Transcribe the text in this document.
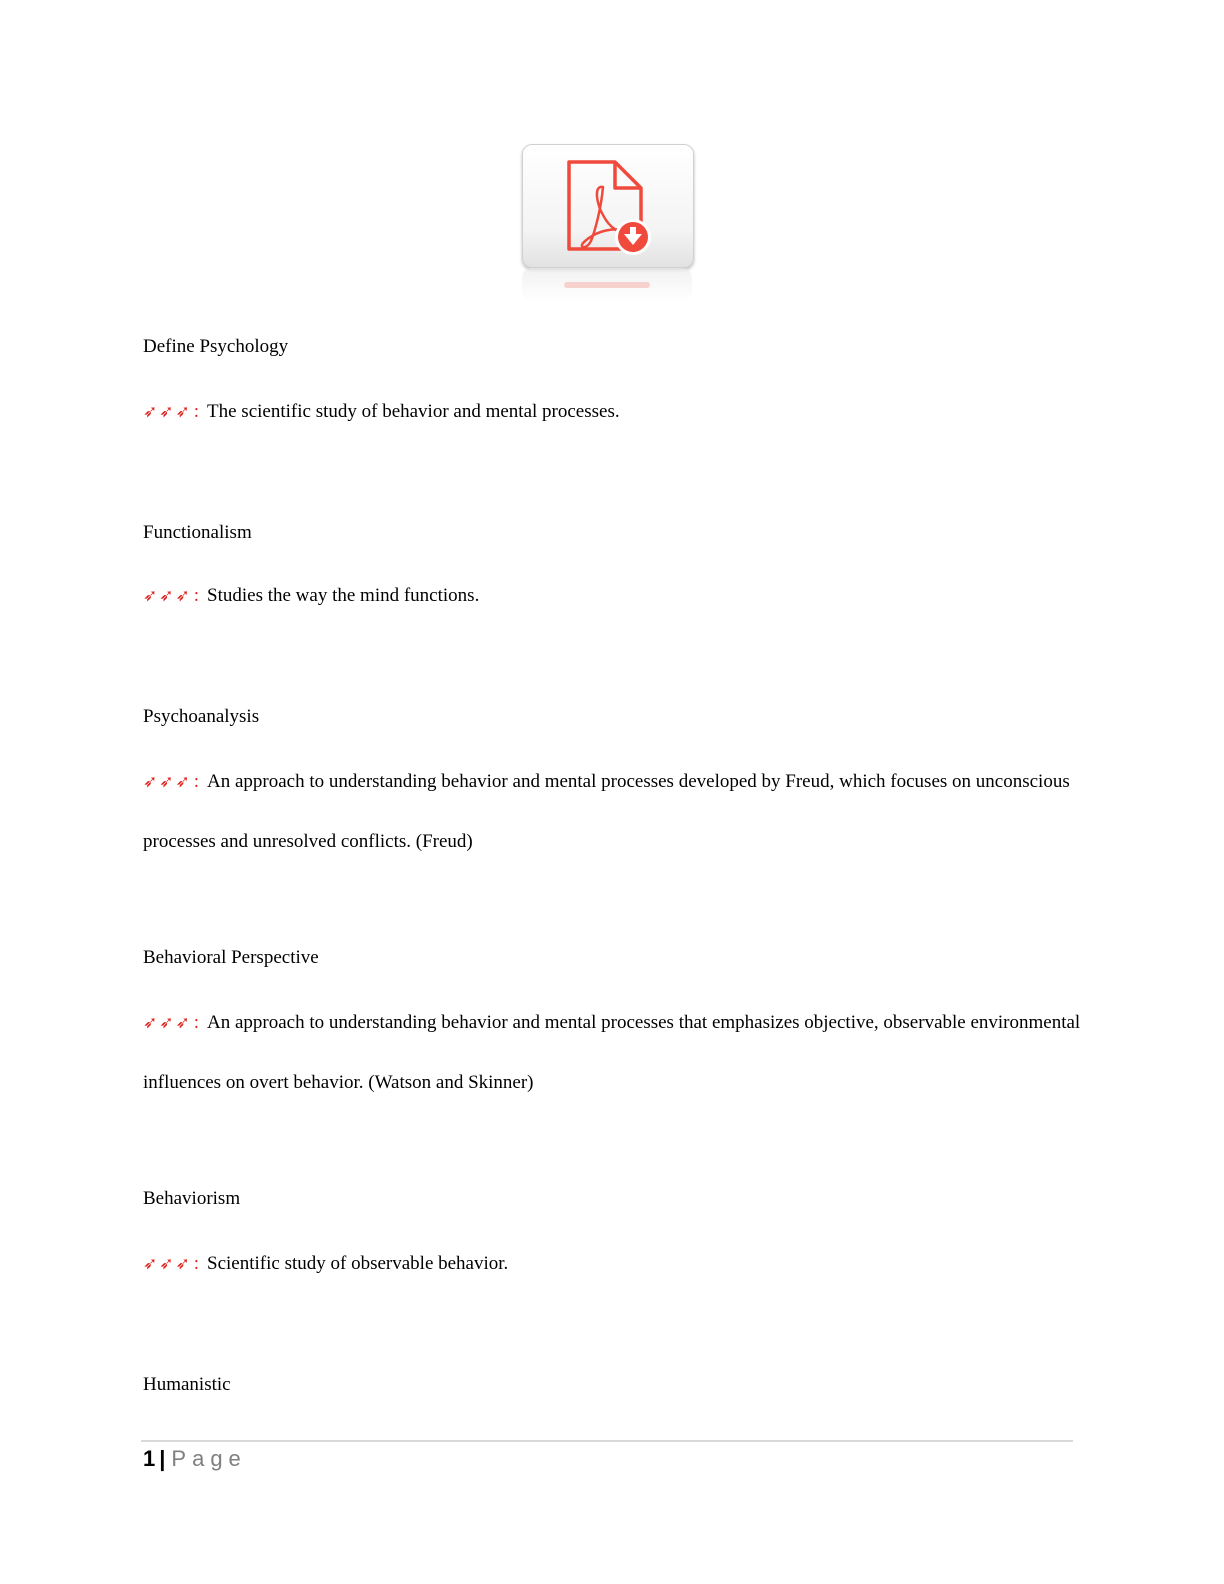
Define Psychology
➶➶➶ : The scientific study of behavior and mental processes.
Functionalism
➶➶➶ : Studies the way the mind functions.
Psychoanalysis
➶➶➶ : An approach to understanding behavior and mental processes developed by Freud, which focuses on unconscious processes and unresolved conflicts. (Freud)
Behavioral Perspective
➶➶➶ : An approach to understanding behavior and mental processes that emphasizes objective, observable environmental influences on overt behavior. (Watson and Skinner)
Behaviorism
➶➶➶ : Scientific study of observable behavior.
Humanistic
1 | Page
